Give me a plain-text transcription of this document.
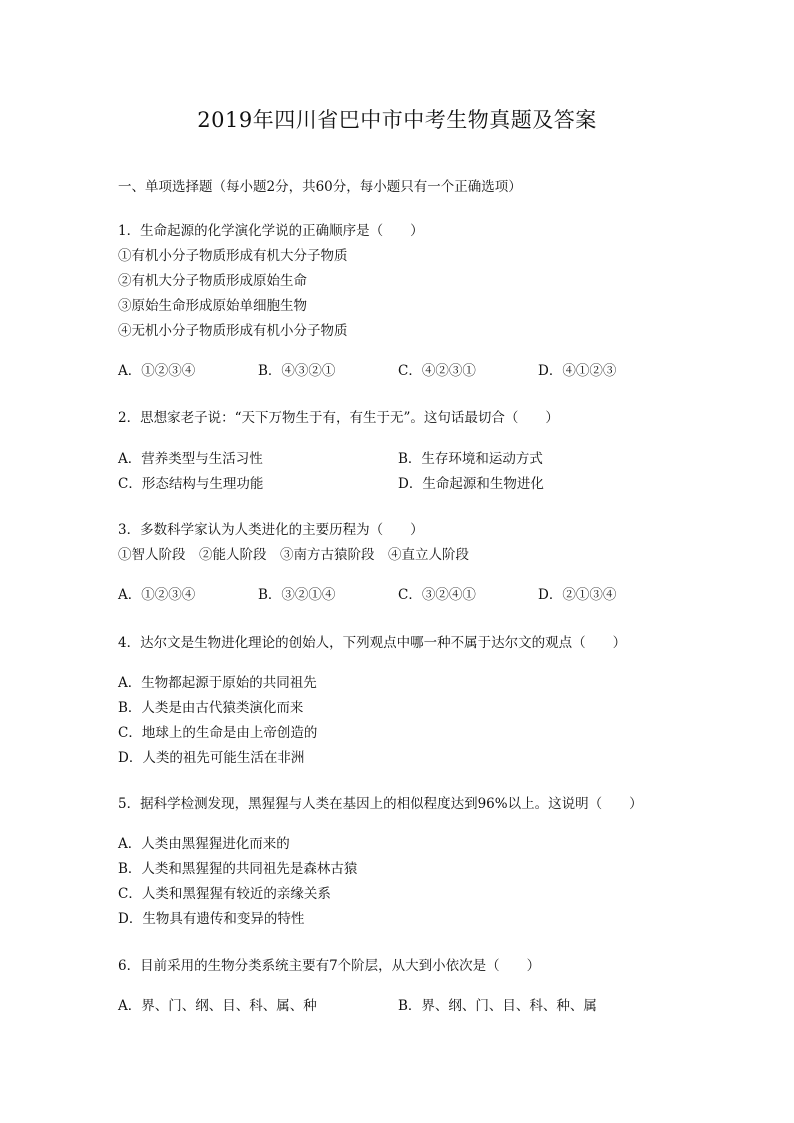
2019年四川省巴中市中考生物真题及答案
一、单项选择题（每小题2分，共60分，每小题只有一个正确选项）
1．生命起源的化学演化学说的正确顺序是（　　）
①有机小分子物质形成有机大分子物质
②有机大分子物质形成原始生命
③原始生命形成原始单细胞生物
④无机小分子物质形成有机小分子物质
A．①②③④	B．④③②①	C．④②③①	D．④①②③
2．思想家老子说：“天下万物生于有，有生于无”。这句话最切合（　　）
A．营养类型与生活习性	B．生存环境和运动方式
C．形态结构与生理功能	D．生命起源和生物进化
3．多数科学家认为人类进化的主要历程为（　　）
①智人阶段　②能人阶段　③南方古猿阶段　④直立人阶段
A．①②③④	B．③②①④	C．③②④①	D．②①③④
4．达尔文是生物进化理论的创始人，下列观点中哪一种不属于达尔文的观点（　　）
A．生物都起源于原始的共同祖先
B．人类是由古代猿类演化而来
C．地球上的生命是由上帝创造的
D．人类的祖先可能生活在非洲
5．据科学检测发现，黑猩猩与人类在基因上的相似程度达到96%以上。这说明（　　）
A．人类由黑猩猩进化而来的
B．人类和黑猩猩的共同祖先是森林古猿
C．人类和黑猩猩有较近的亲缘关系
D．生物具有遗传和变异的特性
6．目前采用的生物分类系统主要有7个阶层，从大到小依次是（　　）
A．界、门、纲、目、科、属、种	B．界、纲、门、目、科、种、属
